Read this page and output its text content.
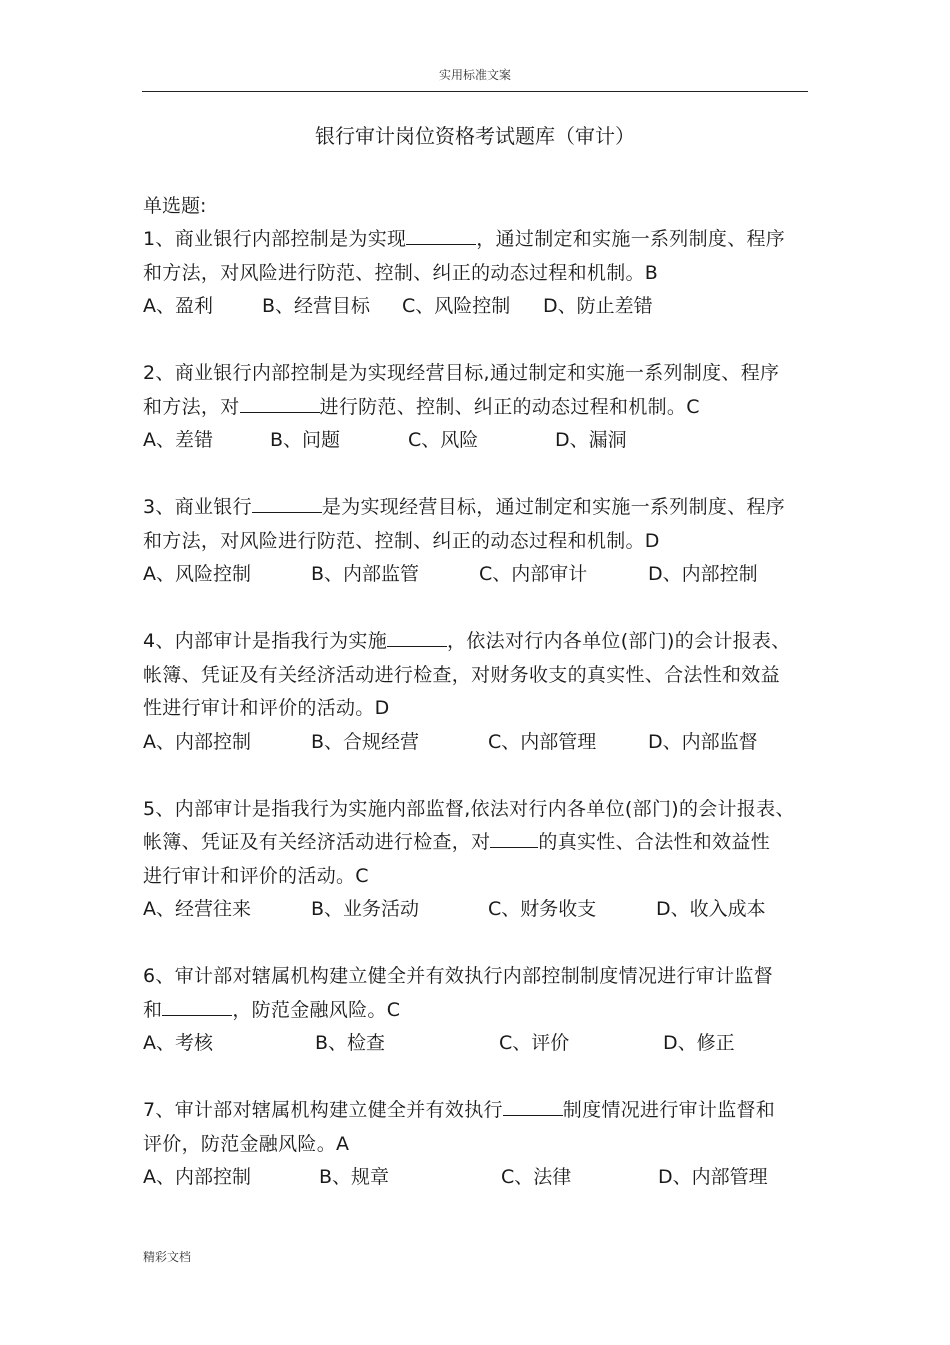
实用标准文案
银行审计岗位资格考试题库（审计）
单选题:
1、商业银行内部控制是为实现	，通过制定和实施一系列制度、程序
和方法，对风险进行防范、控制、纠正的动态过程和机制。B
A、盈利	B、经营目标 C、风险控制 D、防止差错
2、商业银行内部控制是为实现经营目标,通过制定和实施一系列制度、程序
和方法，对	进行防范、控制、纠正的动态过程和机制。C
A、差错	B、问题	C、风险	D、漏洞
3、商业银行	是为实现经营目标，通过制定和实施一系列制度、程序
和方法，对风险进行防范、控制、纠正的动态过程和机制。D
A、风险控制	B、内部监管	C、内部审计	D、内部控制
4、内部审计是指我行为实施	，依法对行内各单位(部门)的会计报表、
帐簿、凭证及有关经济活动进行检查，对财务收支的真实性、合法性和效益
性进行审计和评价的活动。D
A、内部控制	B、合规经营	C、内部管理	D、内部监督
5、内部审计是指我行为实施内部监督,依法对行内各单位(部门)的会计报表、
帐簿、凭证及有关经济活动进行检查，对	的真实性、合法性和效益性
进行审计和评价的活动。C
A、经营往来	B、业务活动	C、财务收支	D、收入成本
6、审计部对辖属机构建立健全并有效执行内部控制制度情况进行审计监督
和	，防范金融风险。C
A、考核	B、检查	C、评价	D、修正
7、审计部对辖属机构建立健全并有效执行	制度情况进行审计监督和
评价，防范金融风险。A
A、内部控制	B、规章	C、法律	D、内部管理
精彩文档
